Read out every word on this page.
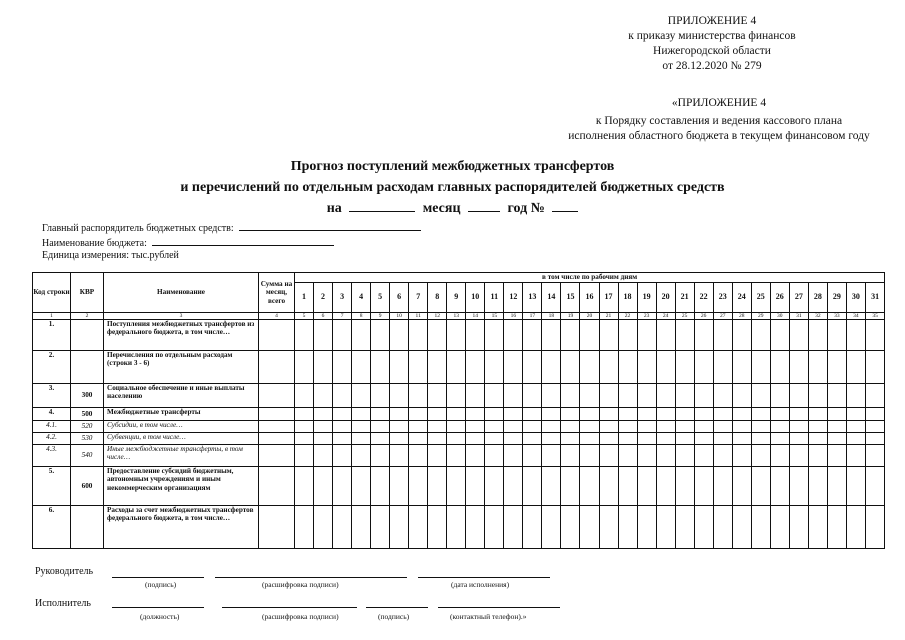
ПРИЛОЖЕНИЕ 4
к приказу министерства финансов
Нижегородской области
от 28.12.2020 № 279
«ПРИЛОЖЕНИЕ 4
к Порядку составления и ведения кассового плана
исполнения областного бюджета в текущем финансовом году
Прогноз поступлений межбюджетных трансфертов
и перечислений по отдельным расходам главных распорядителей бюджетных средств
на	месяц	год №
Главный распорядитель бюджетных средств:
Наименование бюджета:
Единица измерения: тыс.рублей
Код строки	КВР	Наименование	Сумма на месяц, всего	в том числе по рабочим дням																														
				1	2	3	4	5	6	7	8	9	10	11	12	13	14	15	16	17	18	19	20	21	22	23	24	25	26	27	28	29	30	31
1	2	3	4	5	6	7	8	9	10	11	12	13	14	15	16	17	18	19	20	21	22	23	24	25	26	27	28	29	30	31	32	33	34	35
1.		Поступления межбюджетных трансфертов из федерального бюджета, в том числе…																																
2.		Перечисления по отдельным расходам (строки 3 - 6)																																
3.	300	Социальное обеспечение и иные выплаты населению																																
4.	500	Межбюджетные трансферты																																
4.1.	520	Субсидии, в том числе…																																
4.2.	530	Субвенции, в том числе…																																
4.3.	540	Иные межбюджетные трансферты, в том числе…																																
5.	600	Предоставление субсидий бюджетным, автономным учреждениям и иным некоммерческим организациям																																
6.		Расходы за счет межбюджетных трансфертов федерального бюджета, в том числе…																																
Руководитель
(подпись)	(расшифровка подписи)	(дата исполнения)
Исполнитель
(должность)	(расшифровка подписи)	(подпись)	(контактный телефон).»
